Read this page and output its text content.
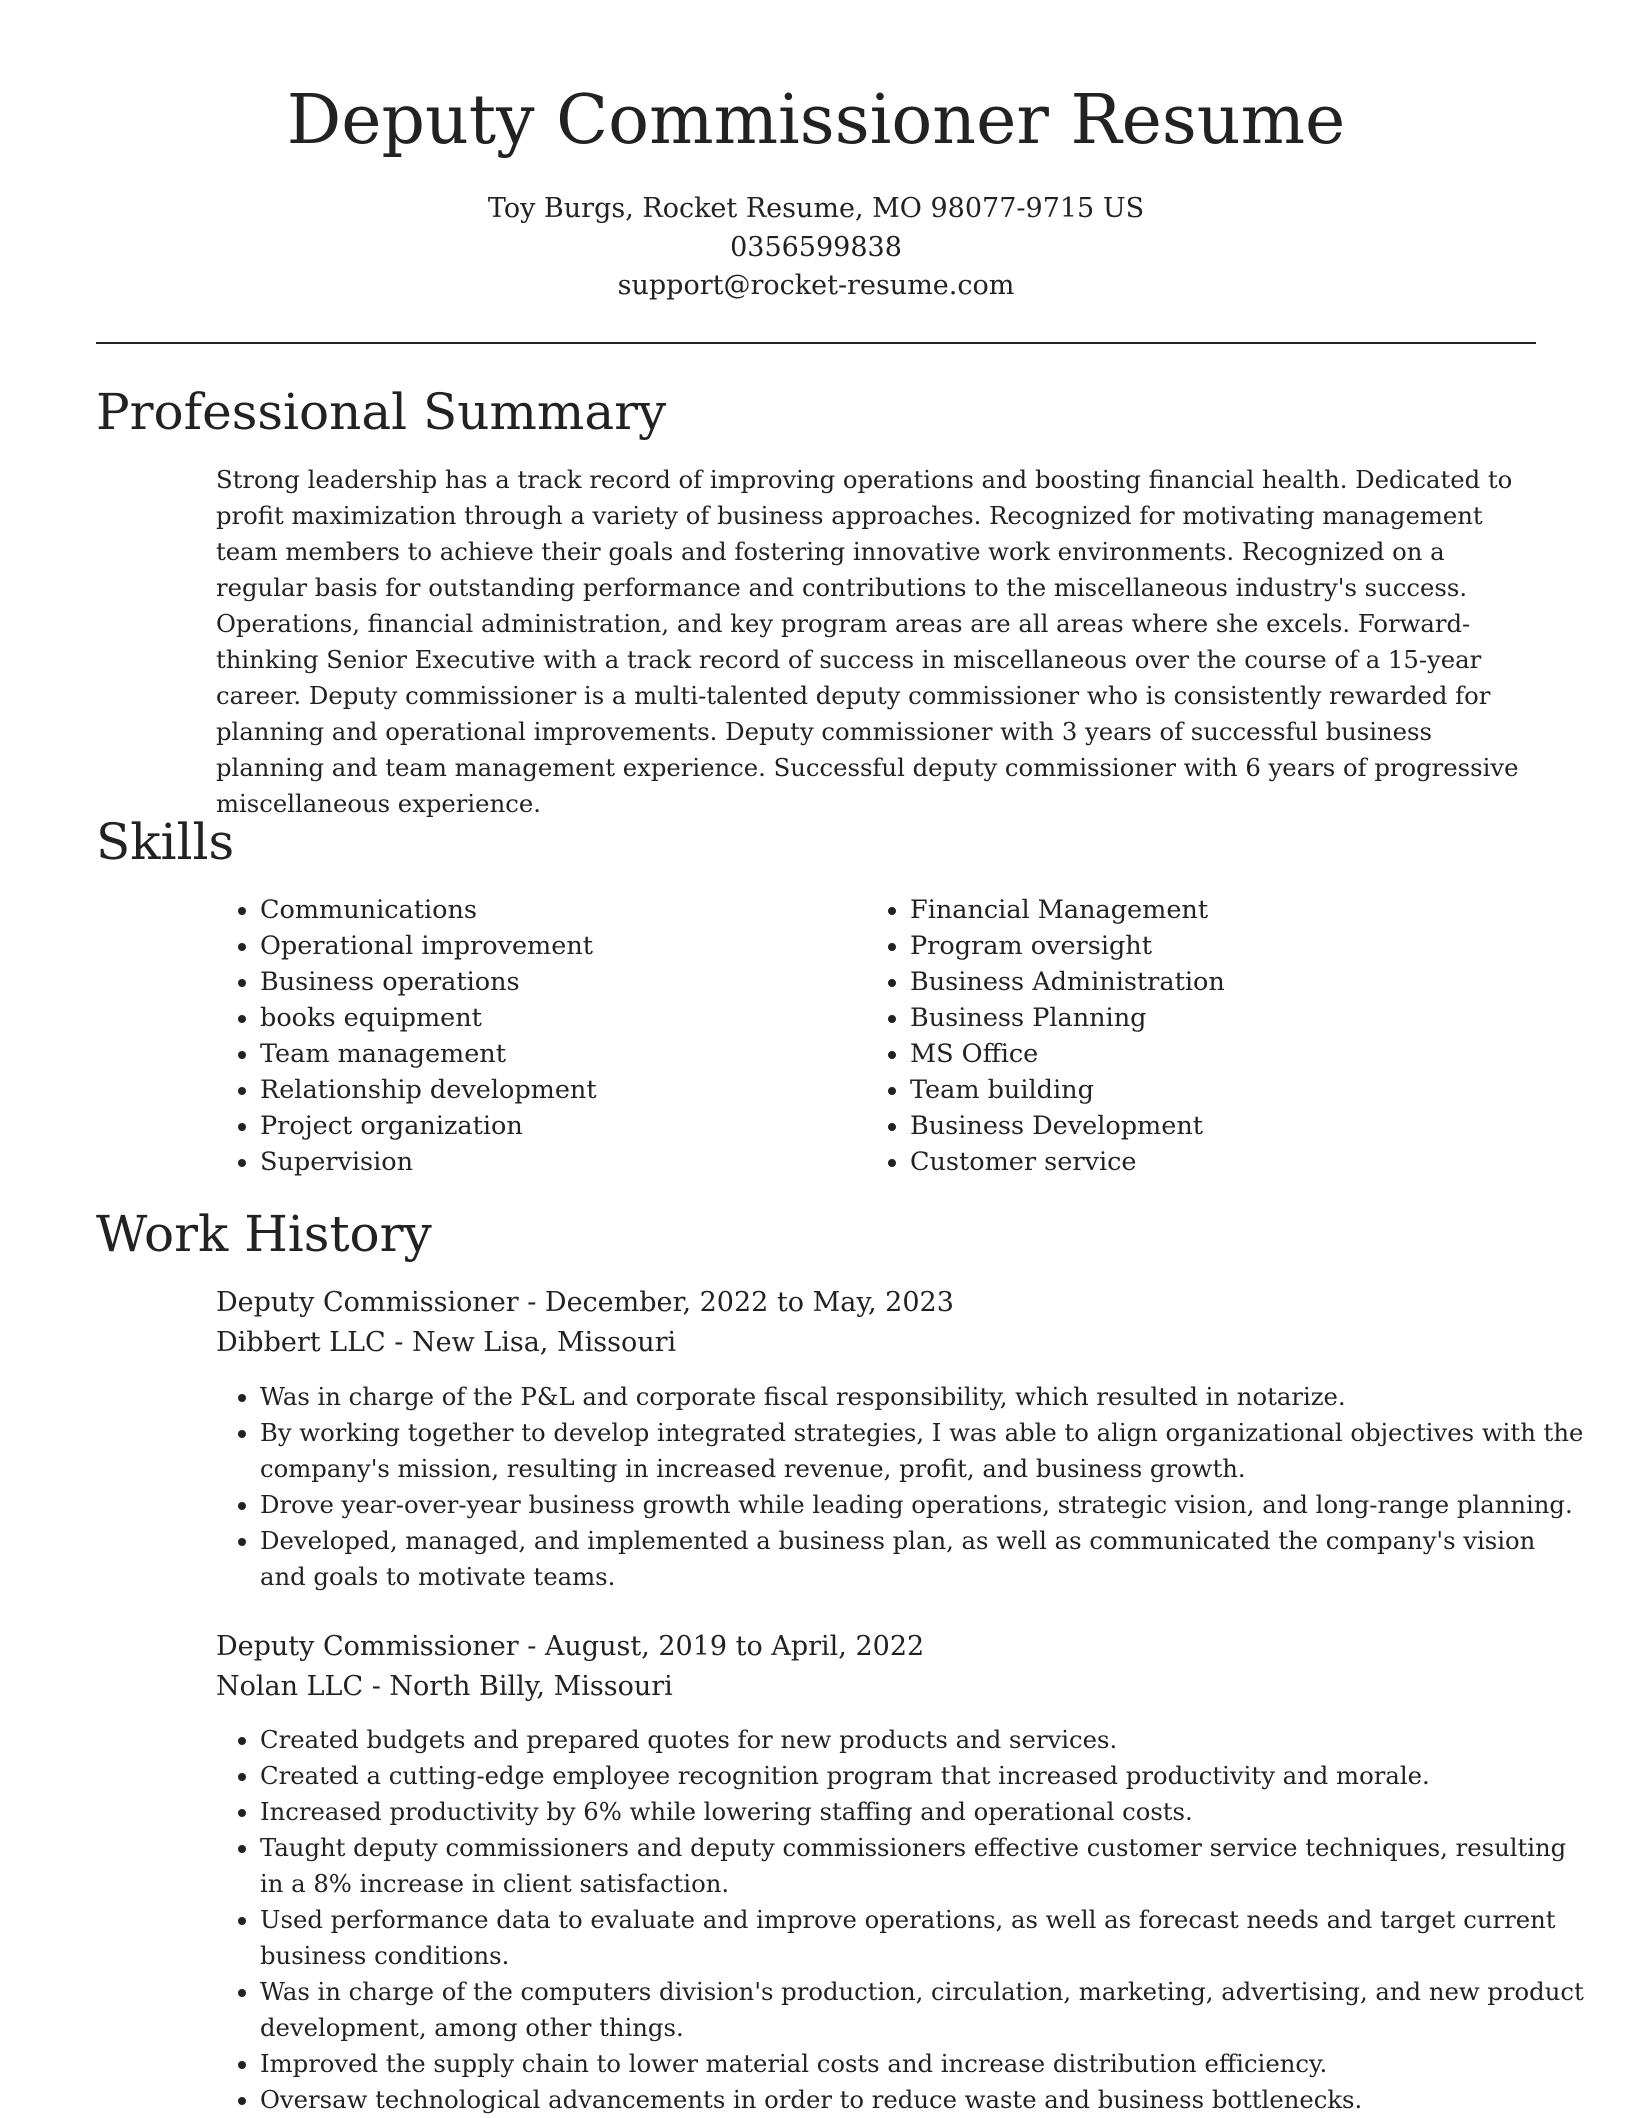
Deputy Commissioner Resume
Toy Burgs, Rocket Resume, MO 98077-9715 US
0356599838
support@rocket-resume.com
Professional Summary

Strong leadership has a track record of improving operations and boosting financial health. Dedicated to profit maximization through a variety of business approaches. Recognized for motivating management team members to achieve their goals and fostering innovative work environments. Recognized on a regular basis for outstanding performance and contributions to the miscellaneous industry's success. Operations, financial administration, and key program areas are all areas where she excels. Forward-thinking Senior Executive with a track record of success in miscellaneous over the course of a 15-year career. Deputy commissioner is a multi-talented deputy commissioner who is consistently rewarded for planning and operational improvements. Deputy commissioner with 3 years of successful business planning and team management experience. Successful deputy commissioner with 6 years of progressive miscellaneous experience.

Skills
• Communications
• Operational improvement
• Business operations
• books equipment
• Team management
• Relationship development
• Project organization
• Supervision
• Financial Management
• Program oversight
• Business Administration
• Business Planning
• MS Office
• Team building
• Business Development
• Customer service
Work History
Deputy Commissioner - December, 2022 to May, 2023
Dibbert LLC - New Lisa, Missouri
• Was in charge of the P&L and corporate fiscal responsibility, which resulted in notarize.
• By working together to develop integrated strategies, I was able to align organizational objectives with the company's mission, resulting in increased revenue, profit, and business growth.
• Drove year-over-year business growth while leading operations, strategic vision, and long-range planning.
• Developed, managed, and implemented a business plan, as well as communicated the company's vision and goals to motivate teams.
Deputy Commissioner - August, 2019 to April, 2022
Nolan LLC - North Billy, Missouri
• Created budgets and prepared quotes for new products and services.
• Created a cutting-edge employee recognition program that increased productivity and morale.
• Increased productivity by 6% while lowering staffing and operational costs.
• Taught deputy commissioners and deputy commissioners effective customer service techniques, resulting in a 8% increase in client satisfaction.
• Used performance data to evaluate and improve operations, as well as forecast needs and target current business conditions.
• Was in charge of the computers division's production, circulation, marketing, advertising, and new product development, among other things.
• Improved the supply chain to lower material costs and increase distribution efficiency.
• Oversaw technological advancements in order to reduce waste and business bottlenecks.
